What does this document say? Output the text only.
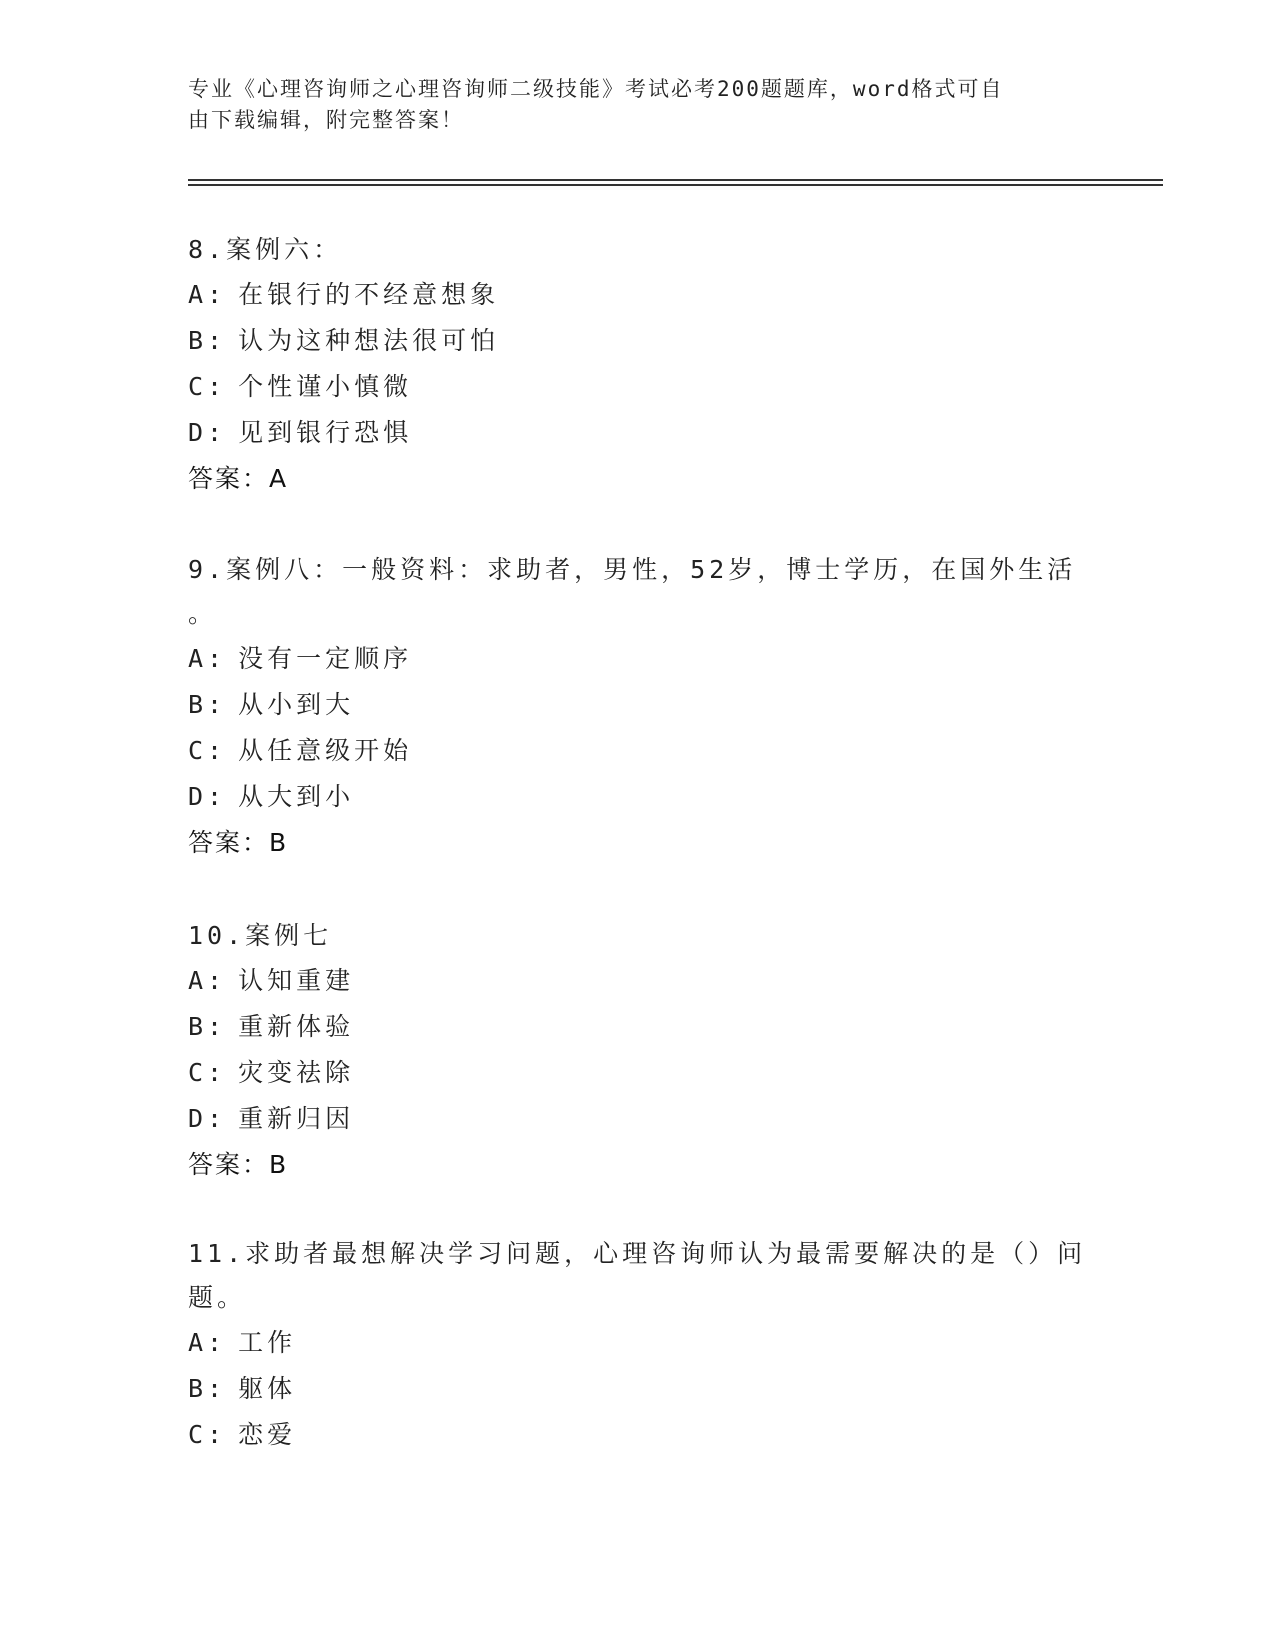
专业《心理咨询师之心理咨询师二级技能》考试必考200题题库，word格式可自
由下载编辑，附完整答案！
8.案例六：
A: 在银行的不经意想象
B: 认为这种想法很可怕
C: 个性谨小慎微
D: 见到银行恐惧
答案：A
9.案例八：一般资料：求助者，男性，52岁，博士学历，在国外生活
。
A: 没有一定顺序
B: 从小到大
C: 从任意级开始
D: 从大到小
答案：B
10.案例七
A: 认知重建
B: 重新体验
C: 灾变祛除
D: 重新归因
答案：B
11.求助者最想解决学习问题，心理咨询师认为最需要解决的是（）问
题。
A: 工作
B: 躯体
C: 恋爱
